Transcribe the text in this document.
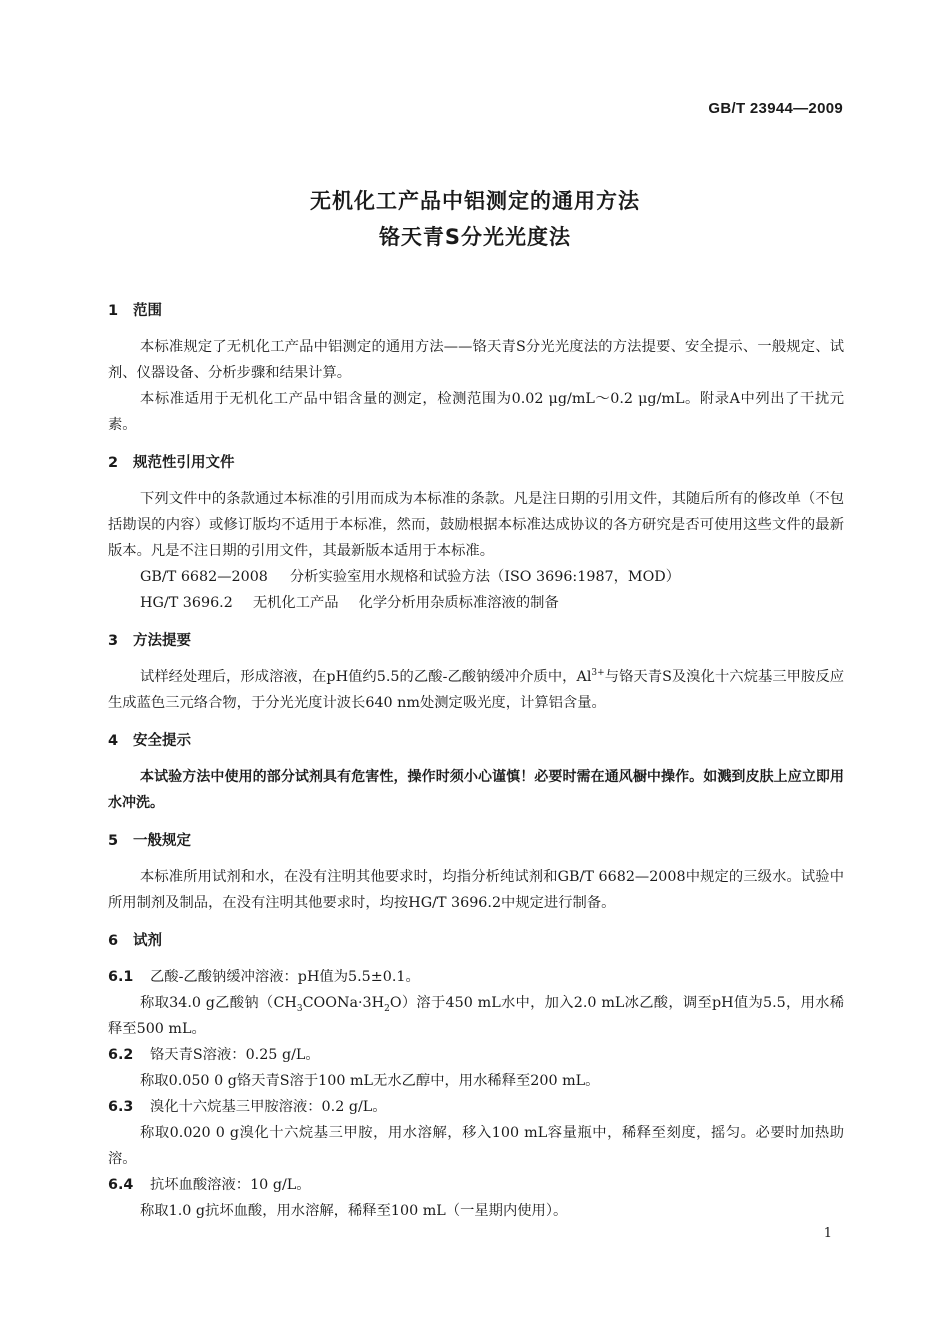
GB/T 23944—2009
无机化工产品中铝测定的通用方法
铬天青S分光光度法
1 范围

本标准规定了无机化工产品中铝测定的通用方法——铬天青S分光光度法的方法提要、安全提示、一般规定、试剂、仪器设备、分析步骤和结果计算。

本标准适用于无机化工产品中铝含量的测定，检测范围为0.02 μg/mL～0.2 μg/mL。附录A中列出了干扰元素。

2 规范性引用文件

下列文件中的条款通过本标准的引用而成为本标准的条款。凡是注日期的引用文件，其随后所有的修改单（不包括勘误的内容）或修订版均不适用于本标准，然而，鼓励根据本标准达成协议的各方研究是否可使用这些文件的最新版本。凡是不注日期的引用文件，其最新版本适用于本标准。

GB/T 6682—2008 分析实验室用水规格和试验方法（ISO 3696:1987，MOD）

HG/T 3696.2 无机化工产品 化学分析用杂质标准溶液的制备

3 方法提要

试样经处理后，形成溶液，在pH值约5.5的乙酸-乙酸钠缓冲介质中，$Al^{3+}$与铬天青S及溴化十六烷基三甲胺反应生成蓝色三元络合物，于分光光度计波长640 nm处测定吸光度，计算铝含量。

4 安全提示

本试验方法中使用的部分试剂具有危害性，操作时须小心谨慎！必要时需在通风橱中操作。如溅到皮肤上应立即用水冲洗。

5 一般规定

本标准所用试剂和水，在没有注明其他要求时，均指分析纯试剂和GB/T 6682—2008中规定的三级水。试验中所用制剂及制品，在没有注明其他要求时，均按HG/T 3696.2中规定进行制备。

6 试剂

6.1 乙酸-乙酸钠缓冲溶液：pH值为5.5±0.1。

称取34.0 g乙酸钠$(CH_3COONa\cdot 3H_2O)$溶于450 mL水中，加入2.0 mL冰乙酸，调至pH值为5.5，用水稀释至500 mL。

6.2 铬天青S溶液：0.25 g/L。

称取0.050 0 g铬天青S溶于100 mL无水乙醇中，用水稀释至200 mL。

6.3 溴化十六烷基三甲胺溶液：0.2 g/L。

称取0.020 0 g溴化十六烷基三甲胺，用水溶解，移入100 mL容量瓶中，稀释至刻度，摇匀。必要时加热助溶。

6.4 抗坏血酸溶液：10 g/L。

称取1.0 g抗坏血酸，用水溶解，稀释至100 mL（一星期内使用）。

1
